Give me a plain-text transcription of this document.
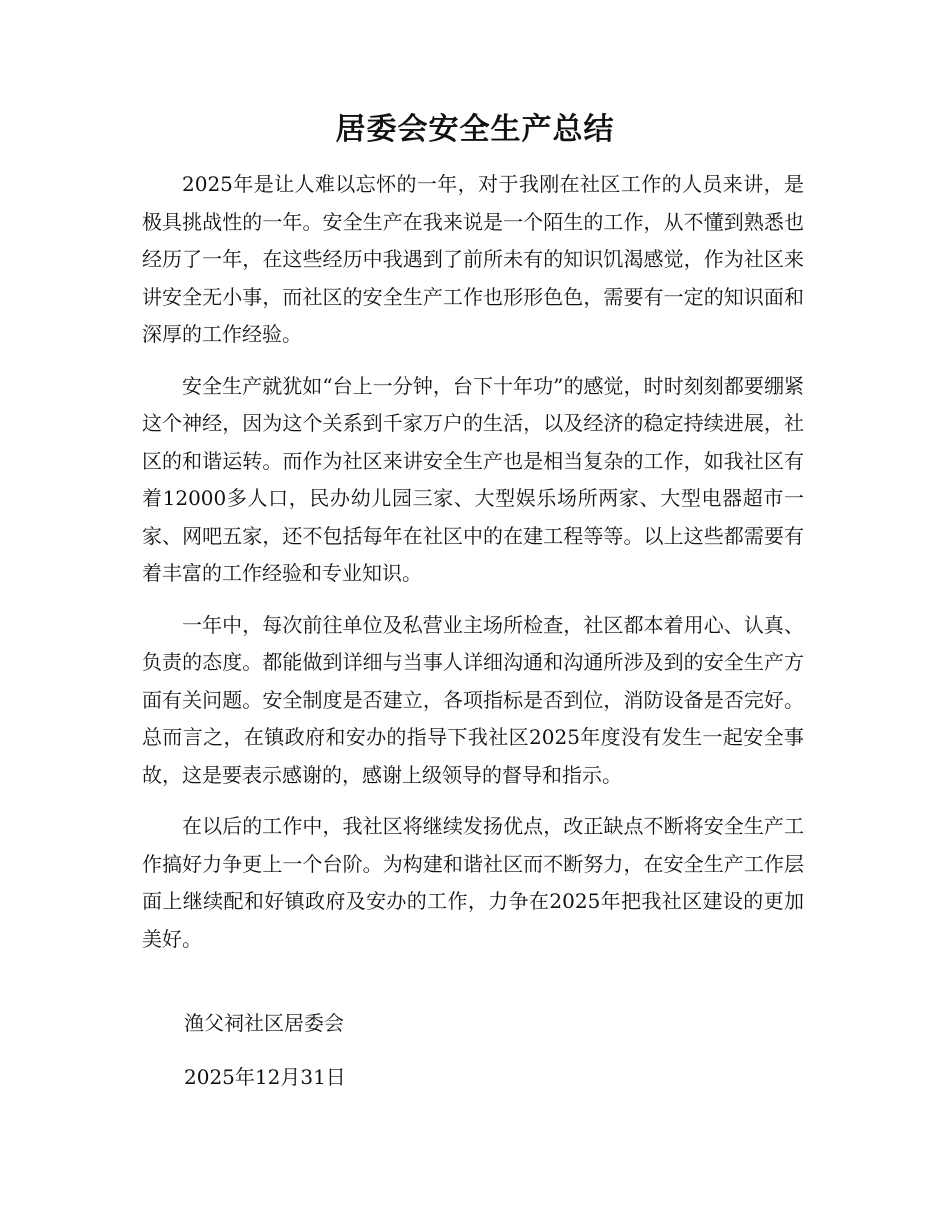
居委会安全生产总结

2025年是让人难以忘怀的一年，对于我刚在社区工作的人员来讲，是极具挑战性的一年。安全生产在我来说是一个陌生的工作，从不懂到熟悉也经历了一年，在这些经历中我遇到了前所未有的知识饥渴感觉，作为社区来讲安全无小事，而社区的安全生产工作也形形色色，需要有一定的知识面和深厚的工作经验。

安全生产就犹如“台上一分钟，台下十年功”的感觉，时时刻刻都要绷紧这个神经，因为这个关系到千家万户的生活，以及经济的稳定持续进展，社区的和谐运转。而作为社区来讲安全生产也是相当复杂的工作，如我社区有着12000多人口，民办幼儿园三家、大型娱乐场所两家、大型电器超市一家、网吧五家，还不包括每年在社区中的在建工程等等。以上这些都需要有着丰富的工作经验和专业知识。

一年中，每次前往单位及私营业主场所检查，社区都本着用心、认真、负责的态度。都能做到详细与当事人详细沟通和沟通所涉及到的安全生产方面有关问题。安全制度是否建立，各项指标是否到位，消防设备是否完好。总而言之，在镇政府和安办的指导下我社区2025年度没有发生一起安全事故，这是要表示感谢的，感谢上级领导的督导和指示。

在以后的工作中，我社区将继续发扬优点，改正缺点不断将安全生产工作搞好力争更上一个台阶。为构建和谐社区而不断努力，在安全生产工作层面上继续配和好镇政府及安办的工作，力争在2025年把我社区建设的更加美好。

渔父祠社区居委会

2025年12月31日
